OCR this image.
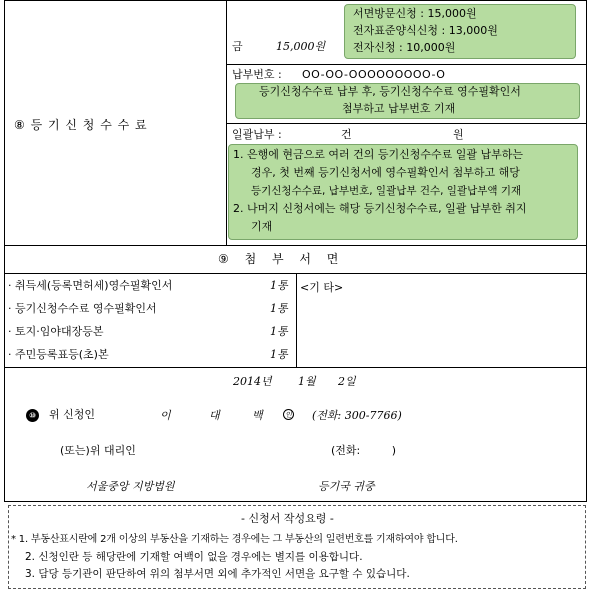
⑧ 등 기 신 청 수 수 료
금	15,000원
서면방문신청 : 15,000원
전자표준양식신청 : 13,000원
전자신청 : 10,000원
납부번호 : OO-OO-OOOOOOOOO-O
등기신청수수료 납부 후, 등기신청수수료 영수필확인서
첨부하고 납부번호 기재
일괄납부 :	건	원
1. 은행에 현금으로 여러 건의 등기신청수수료 일괄 납부하는
경우, 첫 번째 등기신청서에 영수필확인서 첨부하고 해당
등기신청수수료, 납부번호, 일괄납부 건수, 일괄납부액 기재
2. 나머지 신청서에는 해당 등기신청수수료, 일괄 납부한 취지
기재
⑨ 첨 부 서 면
· 취득세(등록면허세)영수필확인서	1통
· 등기신청수수료 영수필확인서	1통
· 토지·임야대장등본	1통
· 주민등록표등(초)본	1통
<기 타>
2014년 1월 2일
⑩ 위 신청인	이	대	백	인 (전화: 300-7766)
(또는)위 대리인	(전화:         )
서울중앙 지방법원	등기국 귀중
- 신청서 작성요령 -
* 1. 부동산표시란에 2개 이상의 부동산을 기재하는 경우에는 그 부동산의 일련번호를 기재하여야 합니다.
2. 신청인란 등 해당란에 기재할 여백이 없을 경우에는 별지를 이용합니다.
3. 담당 등기관이 판단하여 위의 첨부서면 외에 추가적인 서면을 요구할 수 있습니다.
